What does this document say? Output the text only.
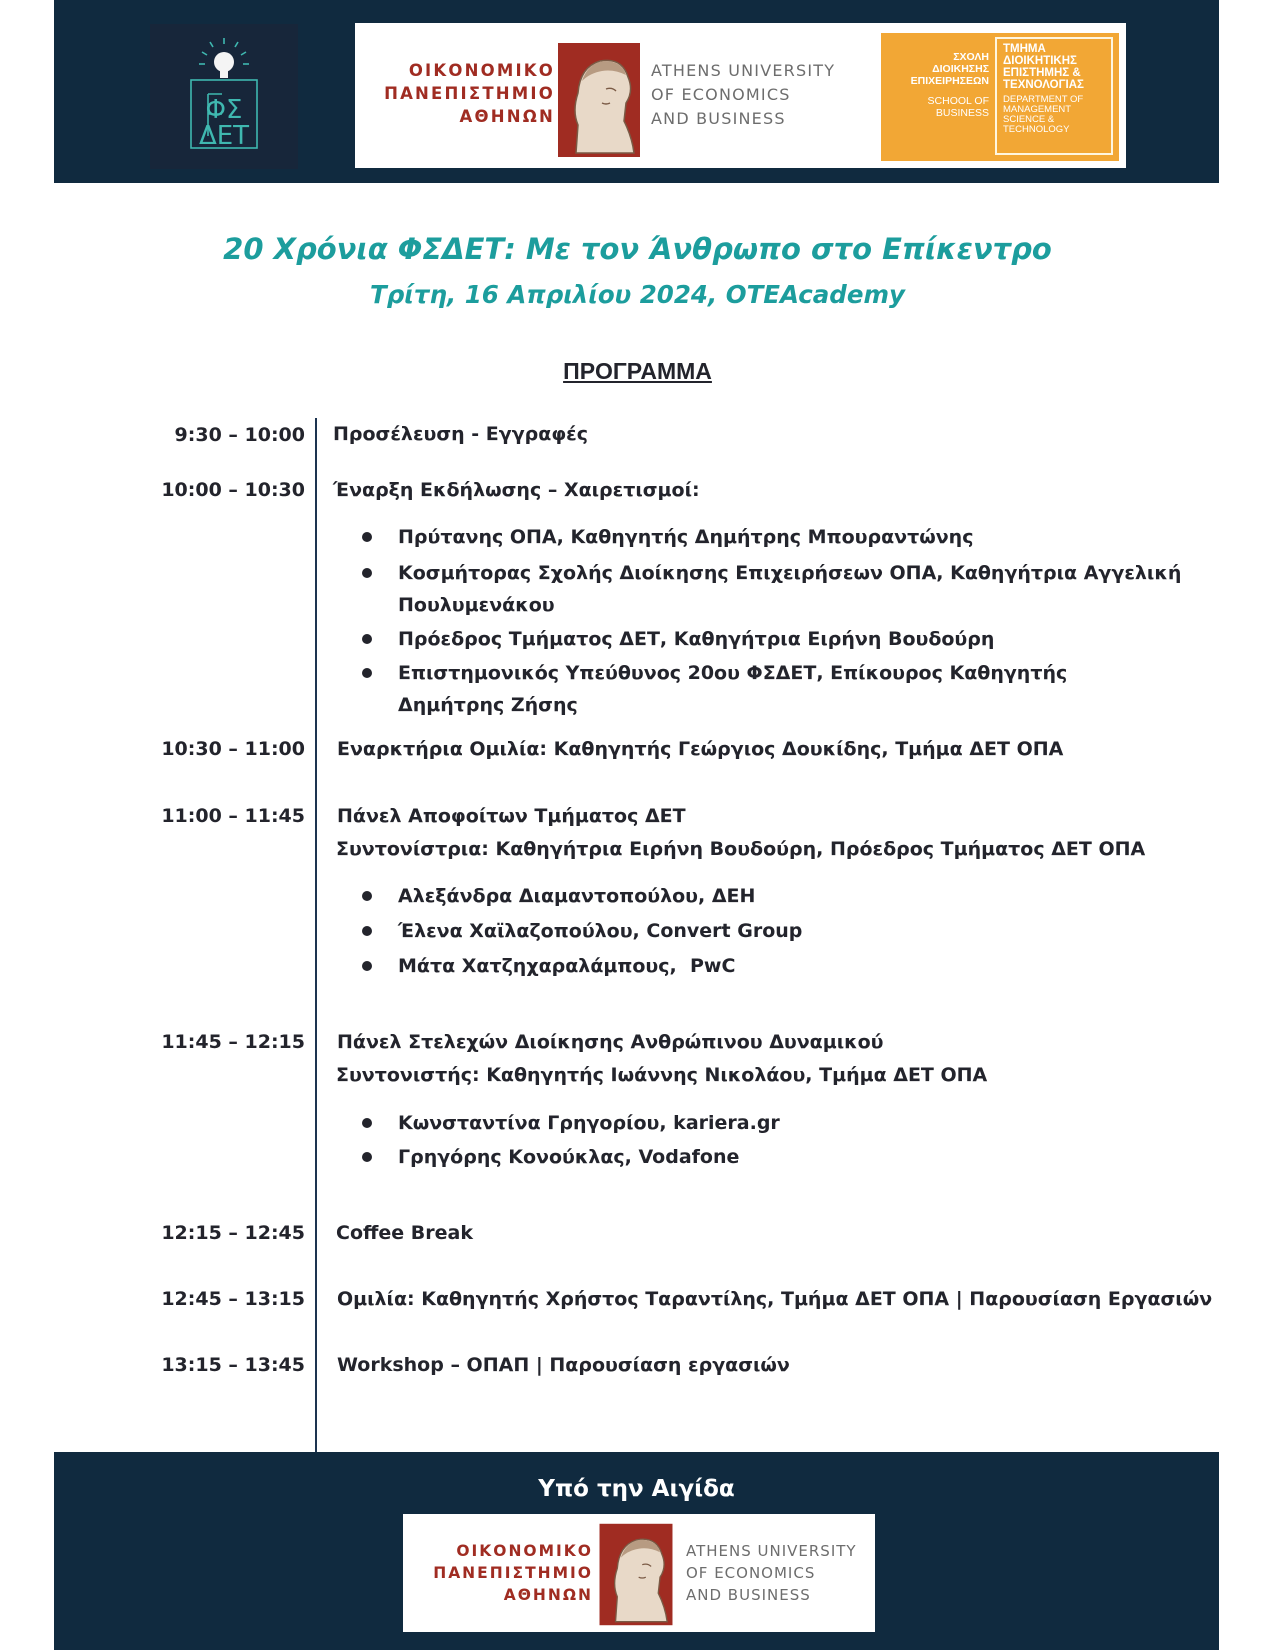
ΦΣ
ΔΕΤ
ΟΙΚΟΝΟΜΙΚΟ
ΠΑΝΕΠΙΣΤΗΜΙΟ
ΑΘΗΝΩΝ
ATHENS UNIVERSITY
OF ECONOMICS
AND BUSINESS
ΣΧΟΛΗ
ΔΙΟΙΚΗΣΗΣ
ΕΠΙΧΕΙΡΗΣΕΩΝ
SCHOOL OF
BUSINESS
ΤΜΗΜΑ
ΔΙΟΙΚΗΤΙΚΗΣ
ΕΠΙΣΤΗΜΗΣ &
ΤΕΧΝΟΛΟΓΙΑΣ
DEPARTMENT OF
MANAGEMENT
SCIENCE &
TECHNOLOGY
20 Χρόνια ΦΣΔΕΤ: Με τον Άνθρωπο στο Επίκεντρο
Τρίτη, 16 Απριλίου 2024, OTEAcademy
ΠΡΟΓΡΑΜΜΑ
9:30 – 10:00 Προσέλευση - Εγγραφές
10:00 – 10:30 Έναρξη Εκδήλωσης – Χαιρετισμοί:
Πρύτανης ΟΠΑ, Καθηγητής Δημήτρης Μπουραντώνης
Κοσμήτορας Σχολής Διοίκησης Επιχειρήσεων ΟΠΑ, Καθηγήτρια Αγγελική Πουλυμενάκου
Πρόεδρος Τμήματος ΔΕΤ, Καθηγήτρια Ειρήνη Βουδούρη
Επιστημονικός Υπεύθυνος 20ου ΦΣΔΕΤ, Επίκουρος Καθηγητής Δημήτρης Ζήσης
10:30 – 11:00 Εναρκτήρια Ομιλία: Καθηγητής Γεώργιος Δουκίδης, Τμήμα ΔΕΤ ΟΠΑ
11:00 – 11:45 Πάνελ Αποφοίτων Τμήματος ΔΕΤ
Συντονίστρια: Καθηγήτρια Ειρήνη Βουδούρη, Πρόεδρος Τμήματος ΔΕΤ ΟΠΑ
Αλεξάνδρα Διαμαντοπούλου, ΔΕΗ
Έλενα Χαϊλαζοπούλου, Convert Group
Μάτα Χατζηχαραλάμπους,  PwC
11:45 – 12:15 Πάνελ Στελεχών Διοίκησης Ανθρώπινου Δυναμικού
Συντονιστής: Καθηγητής Ιωάννης Νικολάου, Τμήμα ΔΕΤ ΟΠΑ
Κωνσταντίνα Γρηγορίου, kariera.gr
Γρηγόρης Κονούκλας, Vodafone
12:15 – 12:45 Coffee Break
12:45 – 13:15 Ομιλία: Καθηγητής Χρήστος Ταραντίλης, Τμήμα ΔΕΤ ΟΠΑ | Παρουσίαση Εργασιών
13:15 – 13:45 Workshop – ΟΠΑΠ | Παρουσίαση εργασιών
Υπό την Αιγίδα
ΟΙΚΟΝΟΜΙΚΟ
ΠΑΝΕΠΙΣΤΗΜΙΟ
ΑΘΗΝΩΝ
ATHENS UNIVERSITY
OF ECONOMICS
AND BUSINESS
